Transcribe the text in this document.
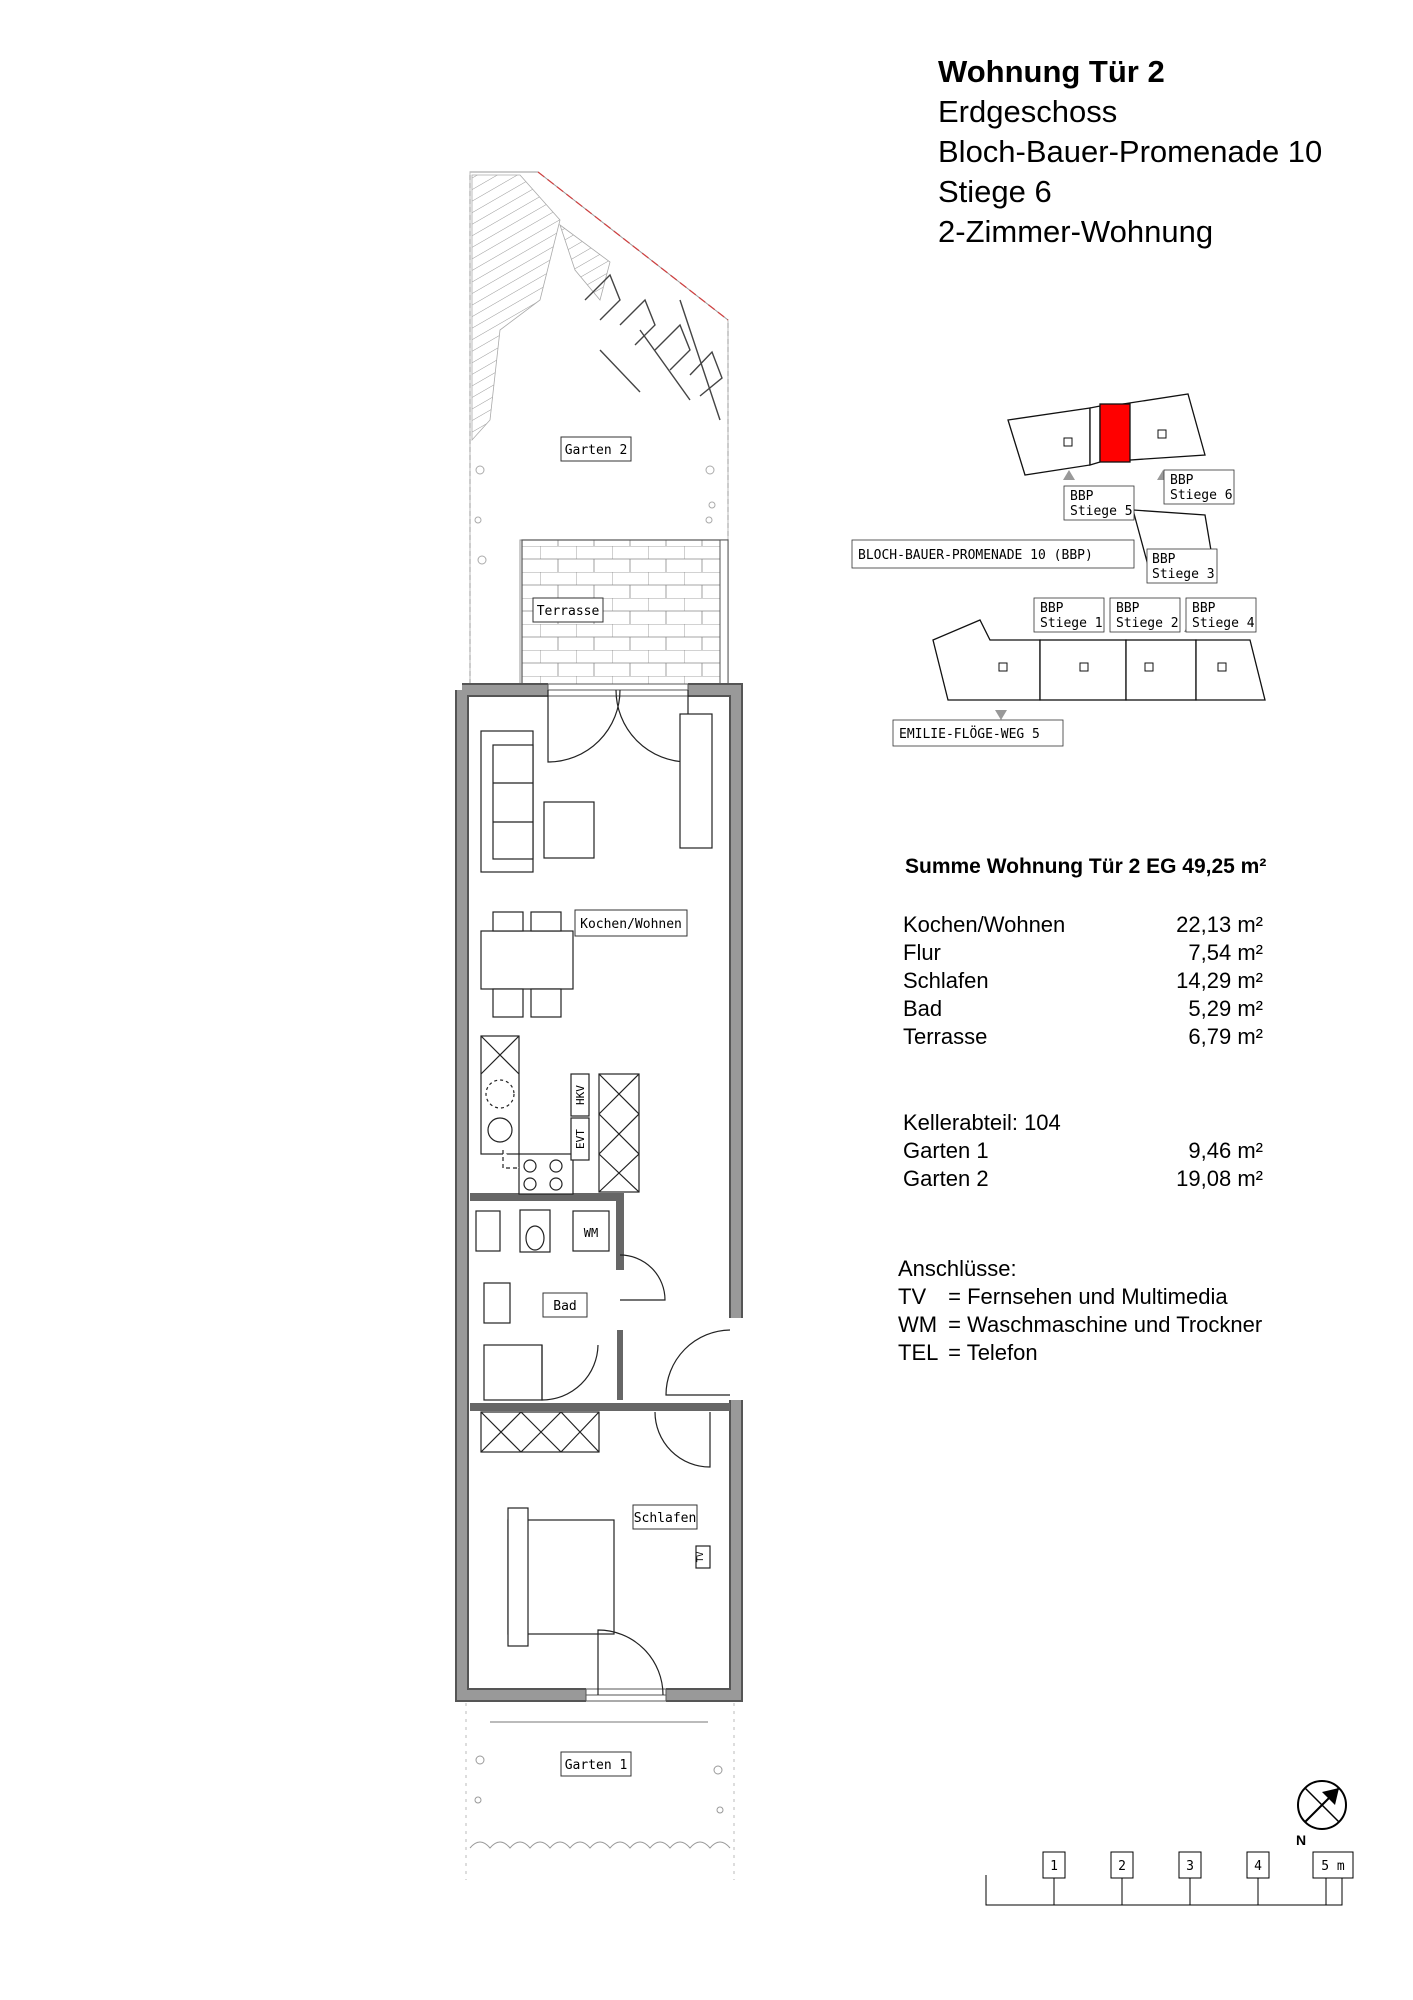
Wohnung Tür 2
Erdgeschoss
Bloch-Bauer-Promenade 10
Stiege 6
2-Zimmer-Wohnung
Summe Wohnung Tür 2 EG 49,25 m²
Kochen/Wohnen	22,13 m²
Flur	7,54 m²
Schlafen	14,29 m²
Bad	5,29 m²
Terrasse	6,79 m²
Kellerabteil: 104
Garten 1	9,46 m²
Garten 2	19,08 m²
Anschlüsse:
TV = Fernsehen und Multimedia
WM = Waschmaschine und Trockner
TEL = Telefon
Garten 2
Terrasse
Kochen/Wohnen
HKV
EVT
WM
Bad
TV
Schlafen
Garten 1
BBP
Stiege 5
BBP
Stiege 6
BBP
Stiege 3
BBP
Stiege 1
BBP
Stiege 2
BBP
Stiege 4
BLOCH-BAUER-PROMENADE 10 (BBP)
EMILIE-FLÖGE-WEG 5
N
1	2	3	4	5 m
